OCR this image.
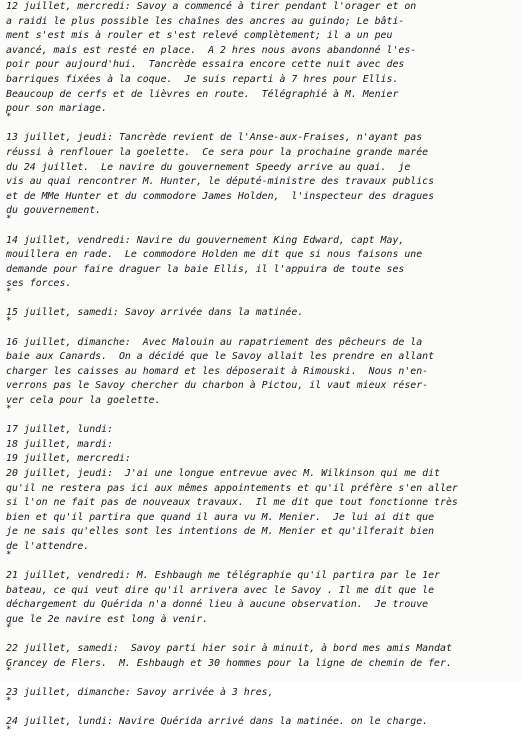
12 juillet, mercredi: Savoy a commencé à tirer pendant l'orager et on
a raidi le plus possible les chaînes des ancres au guindo; Le bâti-
ment s'est mis à rouler et s'est relevé complètement; il a un peu
avancé, mais est resté en place.  A 2 hres nous avons abandonné l'es-
poir pour aujourd'hui.  Tancrède essaira encore cette nuit avec des
barriques fixées à la coque.  Je suis reparti à 7 hres pour Ellis.
Beaucoup de cerfs et de lièvres en route.  Télégraphié à M. Menier
pour son mariage.
*
13 juillet, jeudi: Tancrède revient de l'Anse-aux-Fraises, n'ayant pas
réussi à renflouer la goelette.  Ce sera pour la prochaine grande marée
du 24 juillet.  Le navire du gouvernement Speedy arrive au quai.  je
vis au quai rencontrer M. Hunter, le député-ministre des travaux publics
et de MMe Hunter et du commodore James Holden,  l'inspecteur des dragues
du gouvernement.
*
14 juillet, vendredi: Navire du gouvernement King Edward, capt May,
mouillera en rade.  Le commodore Holden me dit que si nous faisons une
demande pour faire draguer la baie Ellis, il l'appuira de toute ses
ses forces.
*
15 juillet, samedi: Savoy arrivée dans la matinée.
*
16 juillet, dimanche:  Avec Malouin au rapatriement des pêcheurs de la
baie aux Canards.  On a décidé que le Savoy allait les prendre en allant
charger les caisses au homard et les déposerait à Rimouski.  Nous n'en-
verrons pas le Savoy chercher du charbon à Pictou, il vaut mieux réser-
ver cela pour la goelette.
*
17 juillet, lundi:
18 juillet, mardi:
19 juillet, mercredi:
20 juillet, jeudi:  J'ai une longue entrevue avec M. Wilkinson qui me dit
qu'il ne restera pas ici aux mêmes appointements et qu'il préfère s'en aller
si l'on ne fait pas de nouveaux travaux.  Il me dit que tout fonctionne très
bien et qu'il partira que quand il aura vu M. Menier.  Je lui ai dit que
je ne sais qu'elles sont les intentions de M. Menier et qu'ilferait bien
de l'attendre.
*
21 juillet, vendredi: M. Eshbaugh me télégraphie qu'il partira par le 1er
bateau, ce qui veut dire qu'il arrivera avec le Savoy . Il me dit que le
déchargement du Quérida n'a donné lieu à aucune observation.  Je trouve
que le 2e navire est long à venir.
*
22 juillet, samedi:  Savoy parti hier soir à minuit, à bord mes amis Mandat
Grancey de Flers.  M. Eshbaugh et 30 hommes pour la ligne de chemin de fer.
*
23 juillet, dimanche: Savoy arrivée à 3 hres,
*
24 juillet, lundi: Navire Quérida arrivé dans la matinée. on le charge.
*
